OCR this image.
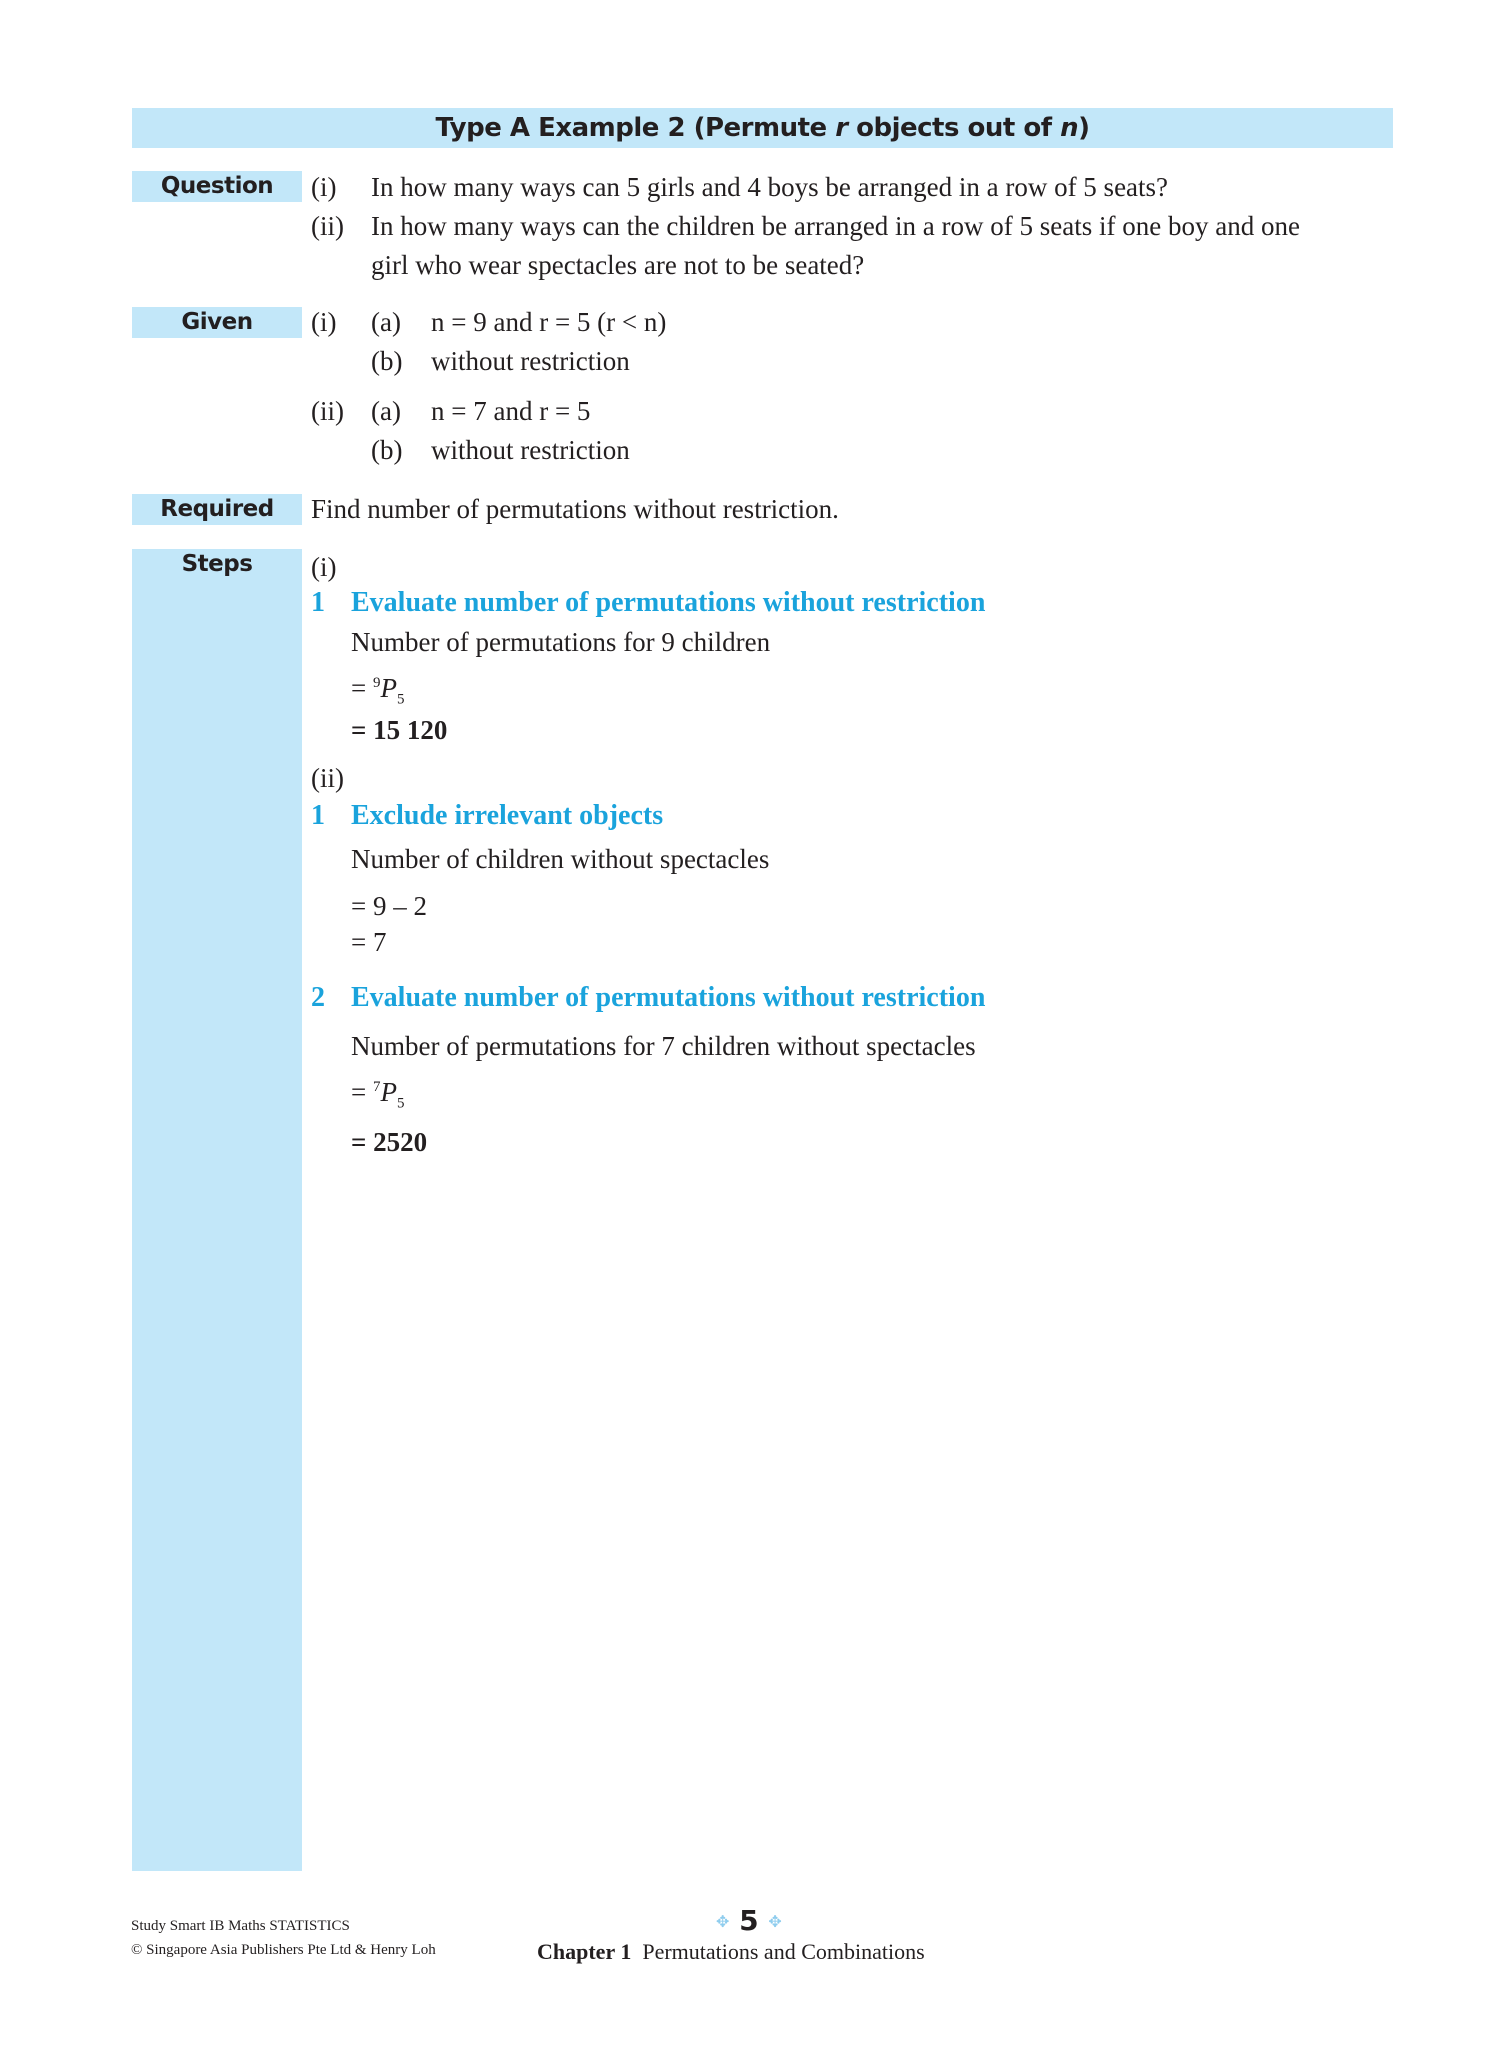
Type A Example 2 (Permute r objects out of n)
Question	(i) In how many ways can 5 girls and 4 boys be arranged in a row of 5 seats?
(ii) In how many ways can the children be arranged in a row of 5 seats if one boy and one
girl who wear spectacles are not to be seated?
Given	(i) (a) n = 9 and r = 5 (r < n)
(b) without restriction
(ii) (a) n = 7 and r = 5
(b) without restriction
Required	Find number of permutations without restriction.
Steps	(i)
1 Evaluate number of permutations without restriction
Number of permutations for 9 children
= $^9P_5$
= 15 120
(ii)
1 Exclude irrelevant objects
Number of children without spectacles
= 9 – 2
= 7
2 Evaluate number of permutations without restriction
Number of permutations for 7 children without spectacles
= $^7P_5$
= 2520
Study Smart IB Maths STATISTICS
© Singapore Asia Publishers Pte Ltd & Henry Loh
✥ 5 ✥
Chapter 1 Permutations and Combinations
